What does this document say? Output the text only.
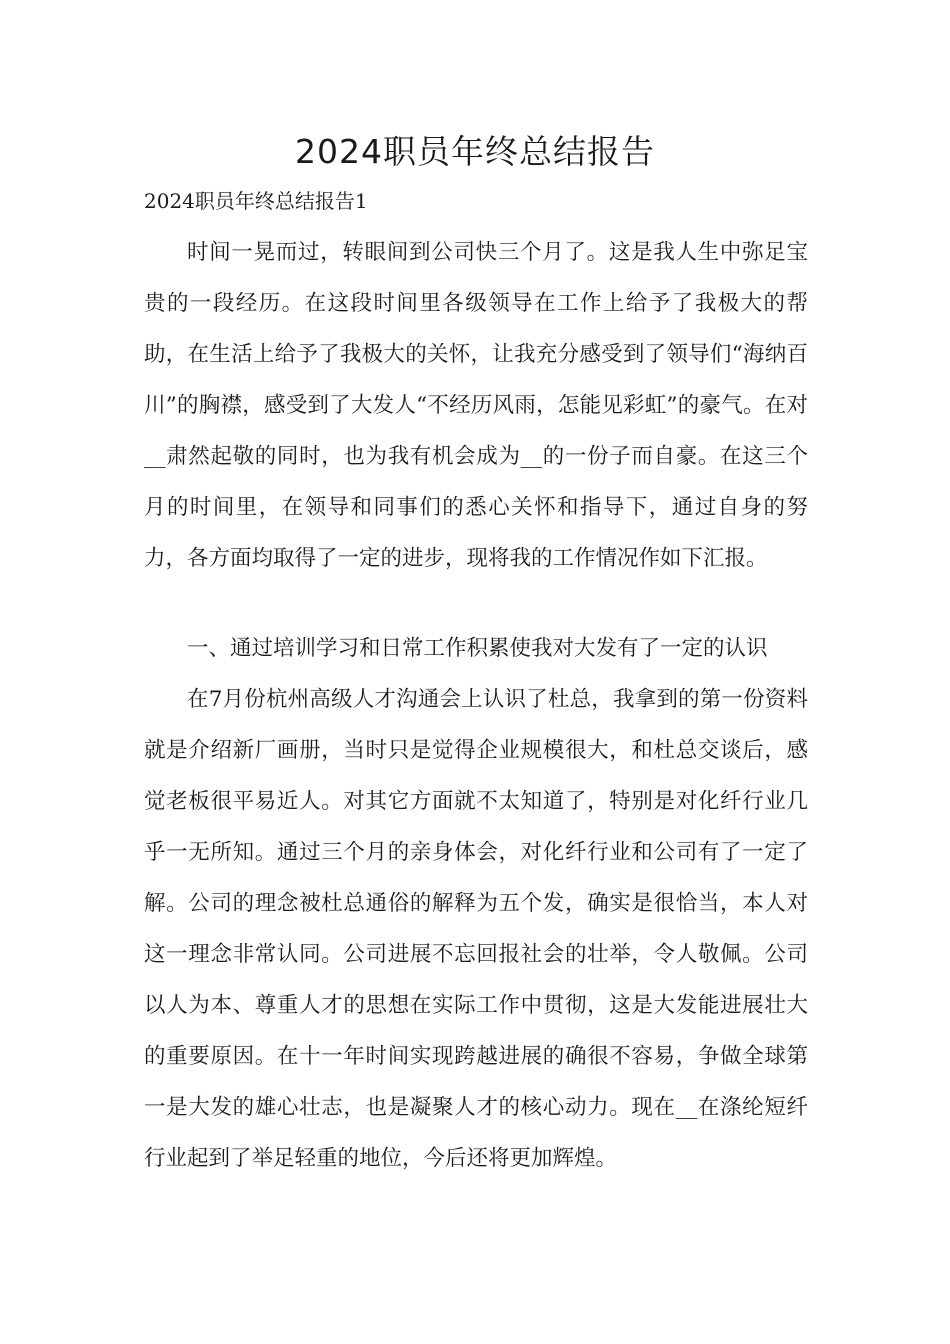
2024职员年终总结报告

2024职员年终总结报告1

时间一晃而过，转眼间到公司快三个月了。这是我人生中弥足宝贵的一段经历。在这段时间里各级领导在工作上给予了我极大的帮助，在生活上给予了我极大的关怀，让我充分感受到了领导们“海纳百川”的胸襟，感受到了大发人“不经历风雨，怎能见彩虹”的豪气。在对__肃然起敬的同时，也为我有机会成为__的一份子而自豪。在这三个月的时间里，在领导和同事们的悉心关怀和指导下，通过自身的努力，各方面均取得了一定的进步，现将我的工作情况作如下汇报。

一、通过培训学习和日常工作积累使我对大发有了一定的认识

在7月份杭州高级人才沟通会上认识了杜总，我拿到的第一份资料就是介绍新厂画册，当时只是觉得企业规模很大，和杜总交谈后，感觉老板很平易近人。对其它方面就不太知道了，特别是对化纤行业几乎一无所知。通过三个月的亲身体会，对化纤行业和公司有了一定了解。公司的理念被杜总通俗的解释为五个发，确实是很恰当，本人对这一理念非常认同。公司进展不忘回报社会的壮举，令人敬佩。公司以人为本、尊重人才的思想在实际工作中贯彻，这是大发能进展壮大的重要原因。在十一年时间实现跨越进展的确很不容易，争做全球第一是大发的雄心壮志，也是凝聚人才的核心动力。现在__在涤纶短纤行业起到了举足轻重的地位，今后还将更加辉煌。
